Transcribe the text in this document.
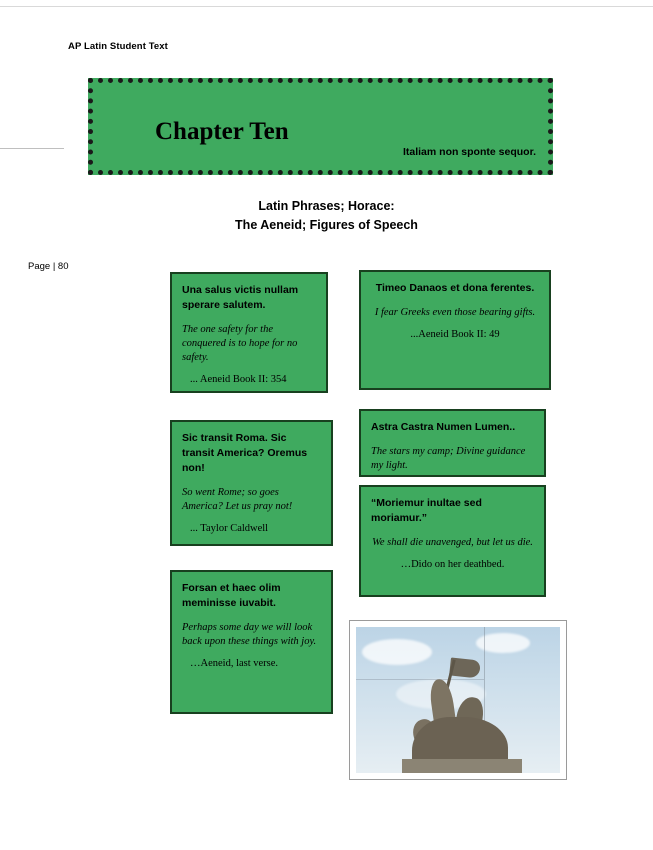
AP Latin Student Text
Chapter Ten
Italiam non sponte sequor.
Latin Phrases; Horace:
The Aeneid; Figures of Speech
Page | 80

Una salus victis nullam sperare salutem.

The one safety for the conquered is to hope for no safety.

... Aeneid Book II: 354

Timeo Danaos et dona ferentes.

I fear Greeks even those bearing gifts.

...Aeneid Book II: 49

Sic transit Roma. Sic transit America? Oremus non!

So went Rome; so goes America? Let us pray not!

... Taylor Caldwell

Astra Castra Numen Lumen..

The stars my camp; Divine guidance my light.

“Moriemur inultae sed moriamur.”

We shall die unavenged, but let us die.

…Dido on her deathbed.

Forsan et haec olim meminisse iuvabit.

Perhaps some day we will look back upon these things with joy.

…Aeneid, last verse.
